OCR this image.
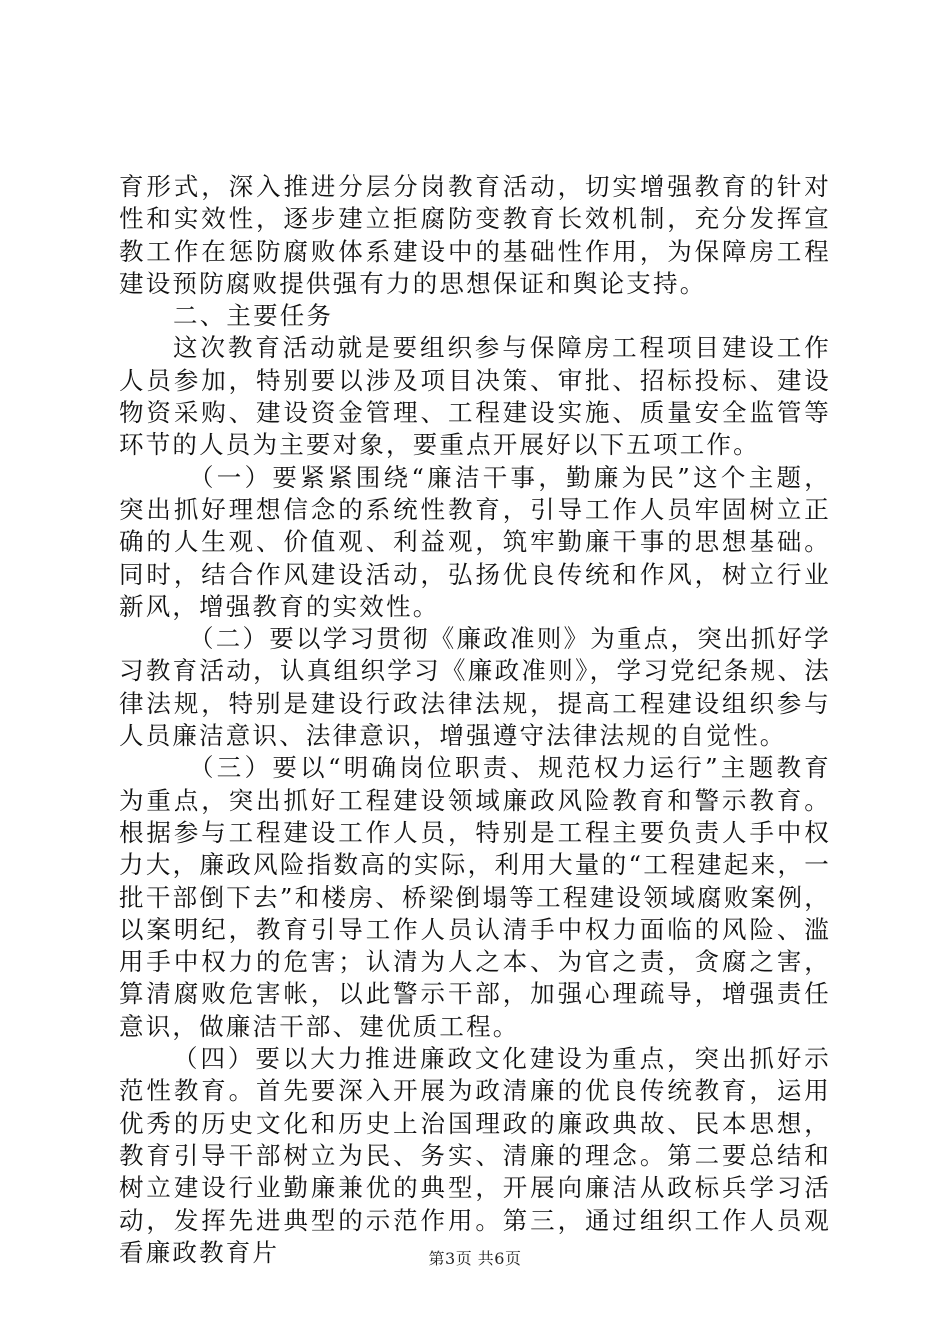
育形式，深入推进分层分岗教育活动，切实增强教育的针对性和实效性，逐步建立拒腐防变教育长效机制，充分发挥宣教工作在惩防腐败体系建设中的基础性作用，为保障房工程建设预防腐败提供强有力的思想保证和舆论支持。

二、主要任务

这次教育活动就是要组织参与保障房工程项目建设工作人员参加，特别要以涉及项目决策、审批、招标投标、建设物资采购、建设资金管理、工程建设实施、质量安全监管等环节的人员为主要对象，要重点开展好以下五项工作。

（一）要紧紧围绕“廉洁干事，勤廉为民”这个主题，突出抓好理想信念的系统性教育，引导工作人员牢固树立正确的人生观、价值观、利益观，筑牢勤廉干事的思想基础。同时，结合作风建设活动，弘扬优良传统和作风，树立行业新风，增强教育的实效性。

（二）要以学习贯彻《廉政准则》为重点，突出抓好学习教育活动，认真组织学习《廉政准则》，学习党纪条规、法律法规，特别是建设行政法律法规，提高工程建设组织参与人员廉洁意识、法律意识，增强遵守法律法规的自觉性。

（三）要以“明确岗位职责、规范权力运行”主题教育为重点，突出抓好工程建设领域廉政风险教育和警示教育。根据参与工程建设工作人员，特别是工程主要负责人手中权力大，廉政风险指数高的实际，利用大量的“工程建起来，一批干部倒下去”和楼房、桥梁倒塌等工程建设领域腐败案例，以案明纪，教育引导工作人员认清手中权力面临的风险、滥用手中权力的危害；认清为人之本、为官之责，贪腐之害，算清腐败危害帐，以此警示干部，加强心理疏导，增强责任意识，做廉洁干部、建优质工程。

（四）要以大力推进廉政文化建设为重点，突出抓好示范性教育。首先要深入开展为政清廉的优良传统教育，运用优秀的历史文化和历史上治国理政的廉政典故、民本思想，教育引导干部树立为民、务实、清廉的理念。第二要总结和树立建设行业勤廉兼优的典型，开展向廉洁从政标兵学习活动，发挥先进典型的示范作用。第三，通过组织工作人员观看廉政教育片	第3页 共6页
